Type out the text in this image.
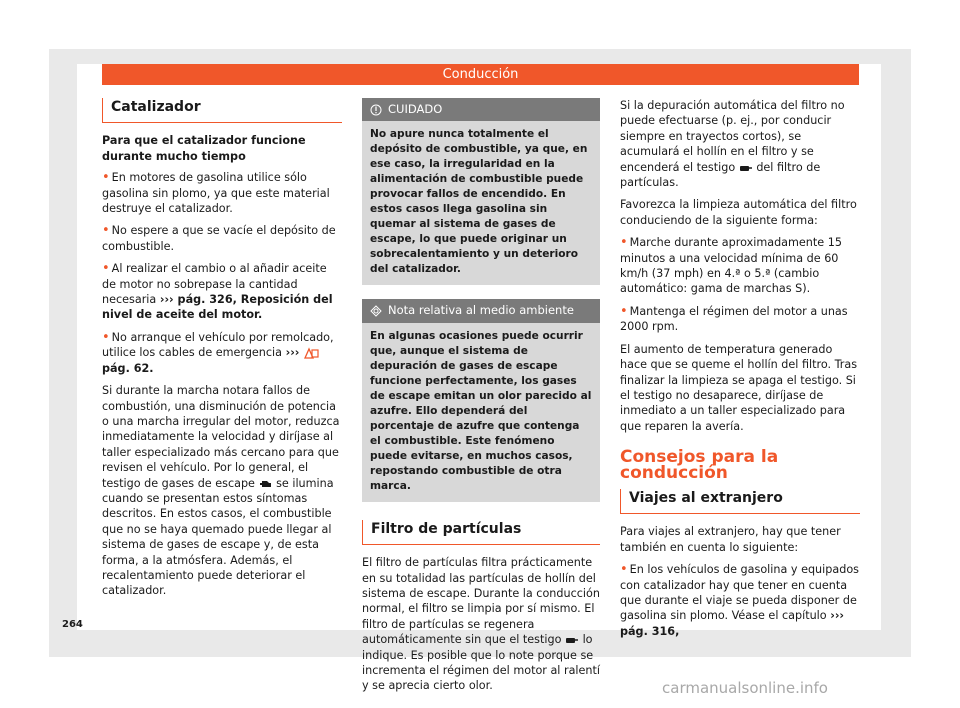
Conducción
Catalizador

Para que el catalizador funcione durante mucho tiempo

• En motores de gasolina utilice sólo gasolina sin plomo, ya que este material destruye el catalizador.

• No espere a que se vacíe el depósito de combustible.

• Al realizar el cambio o al añadir aceite de motor no sobrepase la cantidad necesaria ››› pág. 326, Reposición del nivel de aceite del motor.

• No arranque el vehículo por remolcado, utilice los cables de emergencia ›››  pág. 62.

Si durante la marcha notara fallos de combustión, una disminución de potencia o una marcha irregular del motor, reduzca inmediatamente la velocidad y diríjase al taller especializado más cercano para que revisen el vehículo. Por lo general, el testigo de gases de escape se ilumina cuando se presentan estos síntomas descritos. En estos casos, el combustible que no se haya quemado puede llegar al sistema de gases de escape y, de esta forma, a la atmósfera. Además, el recalentamiento puede deteriorar el catalizador.

CUIDADO
No apure nunca totalmente el depósito de combustible, ya que, en ese caso, la irregularidad en la alimentación de combustible puede provocar fallos de encendido. En estos casos llega gasolina sin quemar al sistema de gases de escape, lo que puede originar un sobrecalentamiento y un deterioro del catalizador.
Nota relativa al medio ambiente
En algunas ocasiones puede ocurrir que, aunque el sistema de depuración de gases de escape funcione perfectamente, los gases de escape emitan un olor parecido al azufre. Ello dependerá del porcentaje de azufre que contenga el combustible. Este fenómeno puede evitarse, en muchos casos, repostando combustible de otra marca.
Filtro de partículas

El filtro de partículas filtra prácticamente en su totalidad las partículas de hollín del sistema de escape. Durante la conducción normal, el filtro se limpia por sí mismo. El filtro de partículas se regenera automáticamente sin que el testigo lo indique. Es posible que lo note porque se incrementa el régimen del motor al ralentí y se aprecia cierto olor.

Si la depuración automática del filtro no puede efectuarse (p. ej., por conducir siempre en trayectos cortos), se acumulará el hollín en el filtro y se encenderá el testigo del filtro de partículas.

Favorezca la limpieza automática del filtro conduciendo de la siguiente forma:

• Marche durante aproximadamente 15 minutos a una velocidad mínima de 60 km/h (37 mph) en 4.ª o 5.ª (cambio automático: gama de marchas S).

• Mantenga el régimen del motor a unas 2000 rpm.

El aumento de temperatura generado hace que se queme el hollín del filtro. Tras finalizar la limpieza se apaga el testigo. Si el testigo no desaparece, diríjase de inmediato a un taller especializado para que reparen la avería.

Consejos para la conducción
Viajes al extranjero

Para viajes al extranjero, hay que tener también en cuenta lo siguiente:

• En los vehículos de gasolina y equipados con catalizador hay que tener en cuenta que durante el viaje se pueda disponer de gasolina sin plomo. Véase el capítulo ››› pág. 316,

264
carmanualsonline.info
